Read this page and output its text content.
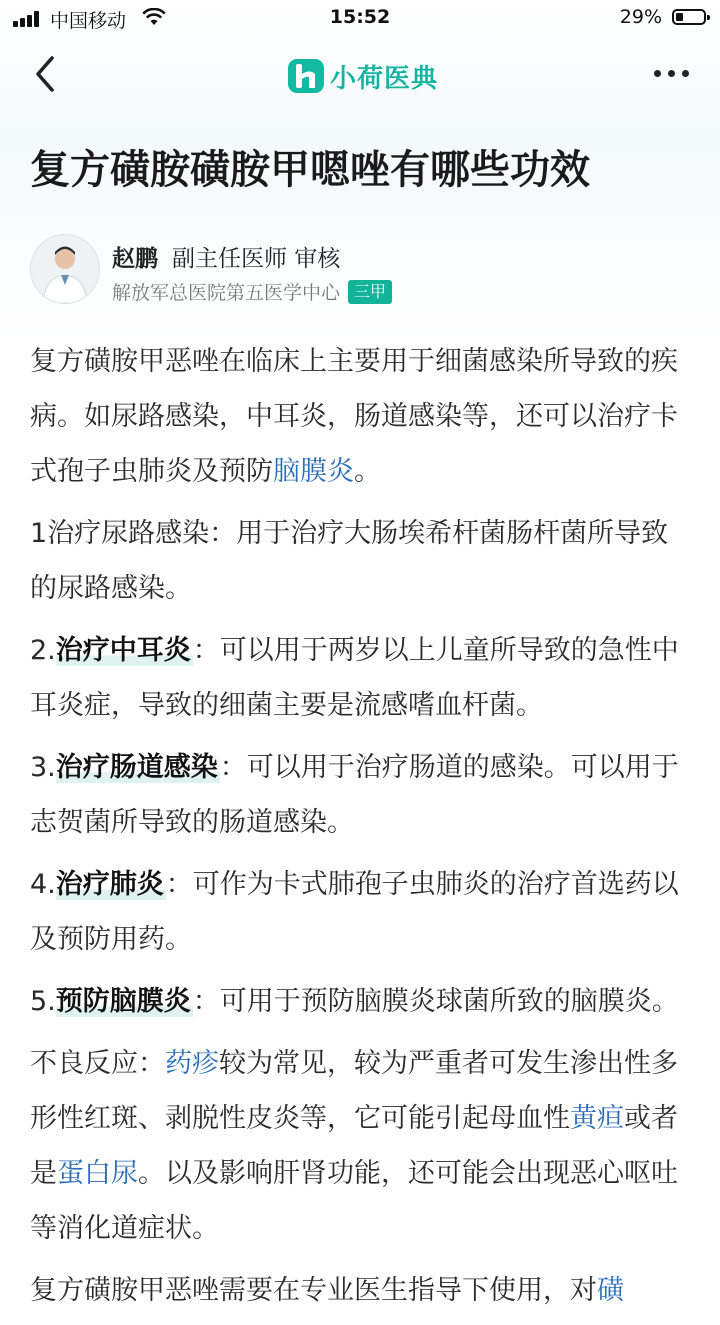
中国移动	15:52	29%
小荷医典
复方磺胺磺胺甲嗯唑有哪些功效
赵鹏 副主任医师 审核
解放军总医院第五医学中心 三甲

复方磺胺甲恶唑在临床上主要用于细菌感染所导致的疾病。如尿路感染，中耳炎，肠道感染等，还可以治疗卡式孢子虫肺炎及预防脑膜炎。

1治疗尿路感染：用于治疗大肠埃希杆菌肠杆菌所导致的尿路感染。

2.治疗中耳炎：可以用于两岁以上儿童所导致的急性中耳炎症，导致的细菌主要是流感嗜血杆菌。

3.治疗肠道感染：可以用于治疗肠道的感染。可以用于志贺菌所导致的肠道感染。

4.治疗肺炎：可作为卡式肺孢子虫肺炎的治疗首选药以及预防用药。

5.预防脑膜炎：可用于预防脑膜炎球菌所致的脑膜炎。

不良反应：药疹较为常见，较为严重者可发生渗出性多形性红斑、剥脱性皮炎等，它可能引起母血性黄疸或者是蛋白尿。以及影响肝肾功能，还可能会出现恶心呕吐等消化道症状。

复方磺胺甲恶唑需要在专业医生指导下使用，对磺
